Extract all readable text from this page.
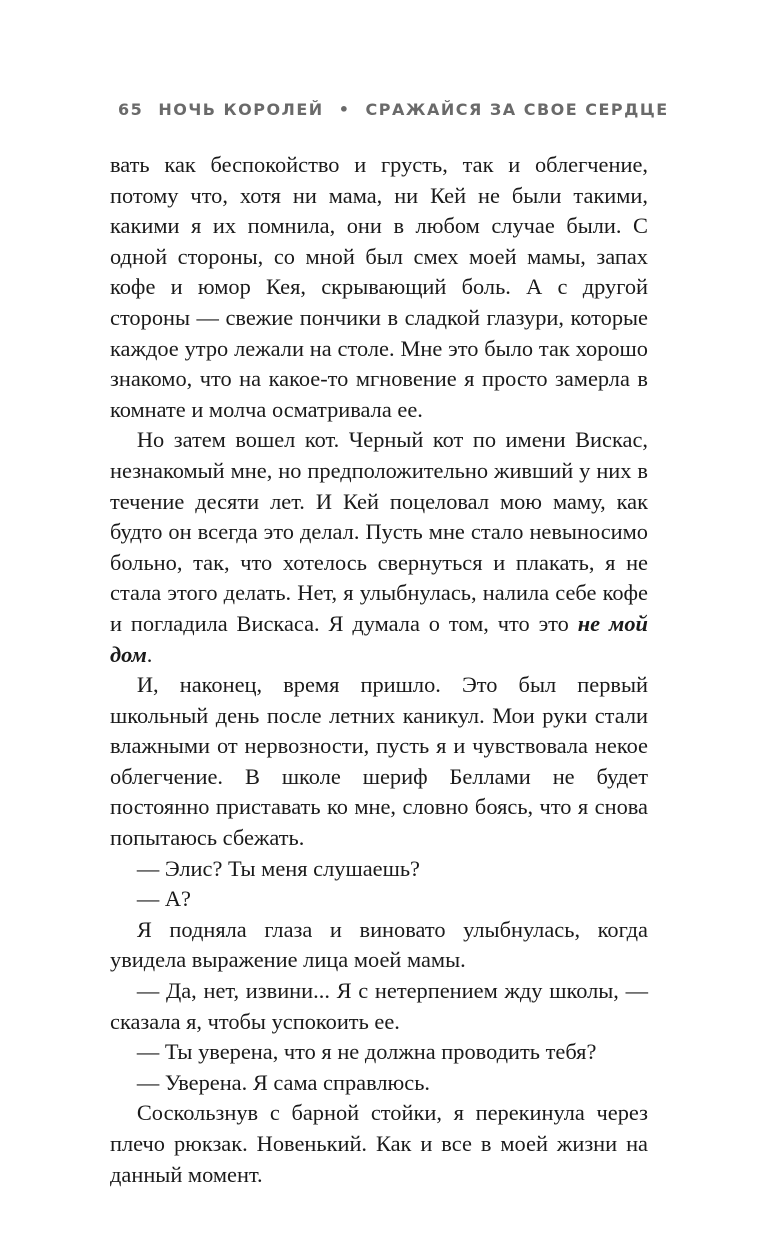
65 НОЧЬ КОРОЛЕЙ • СРАЖАЙСЯ ЗА СВОЕ СЕРДЦЕ

вать как беспокойство и грусть, так и облегчение, потому что, хотя ни мама, ни Кей не были такими, какими я их помнила, они в любом случае были. С одной стороны, со мной был смех моей мамы, запах кофе и юмор Кея, скрывающий боль. А с другой стороны — свежие пончики в сладкой глазури, которые каждое утро лежали на столе. Мне это было так хорошо знакомо, что на какое-то мгновение я просто замерла в комнате и молча осматривала ее.

Но затем вошел кот. Черный кот по имени Вискас, незнакомый мне, но предположительно живший у них в течение десяти лет. И Кей поцеловал мою маму, как будто он всегда это делал. Пусть мне стало невыносимо больно, так, что хотелось свернуться и плакать, я не стала этого делать. Нет, я улыбнулась, налила себе кофе и погладила Вискаса. Я думала о том, что это не мой дом.

И, наконец, время пришло. Это был первый школьный день после летних каникул. Мои руки стали влажными от нервозности, пусть я и чувствовала некое облегчение. В школе шериф Беллами не будет постоянно приставать ко мне, словно боясь, что я снова попытаюсь сбежать.

— Элис? Ты меня слушаешь?

— А?

Я подняла глаза и виновато улыбнулась, когда увидела выражение лица моей мамы.

— Да, нет, извини... Я с нетерпением жду школы, — сказала я, чтобы успокоить ее.

— Ты уверена, что я не должна проводить тебя?

— Уверена. Я сама справлюсь.

Соскользнув с барной стойки, я перекинула через плечо рюкзак. Новенький. Как и все в моей жизни на данный момент.
